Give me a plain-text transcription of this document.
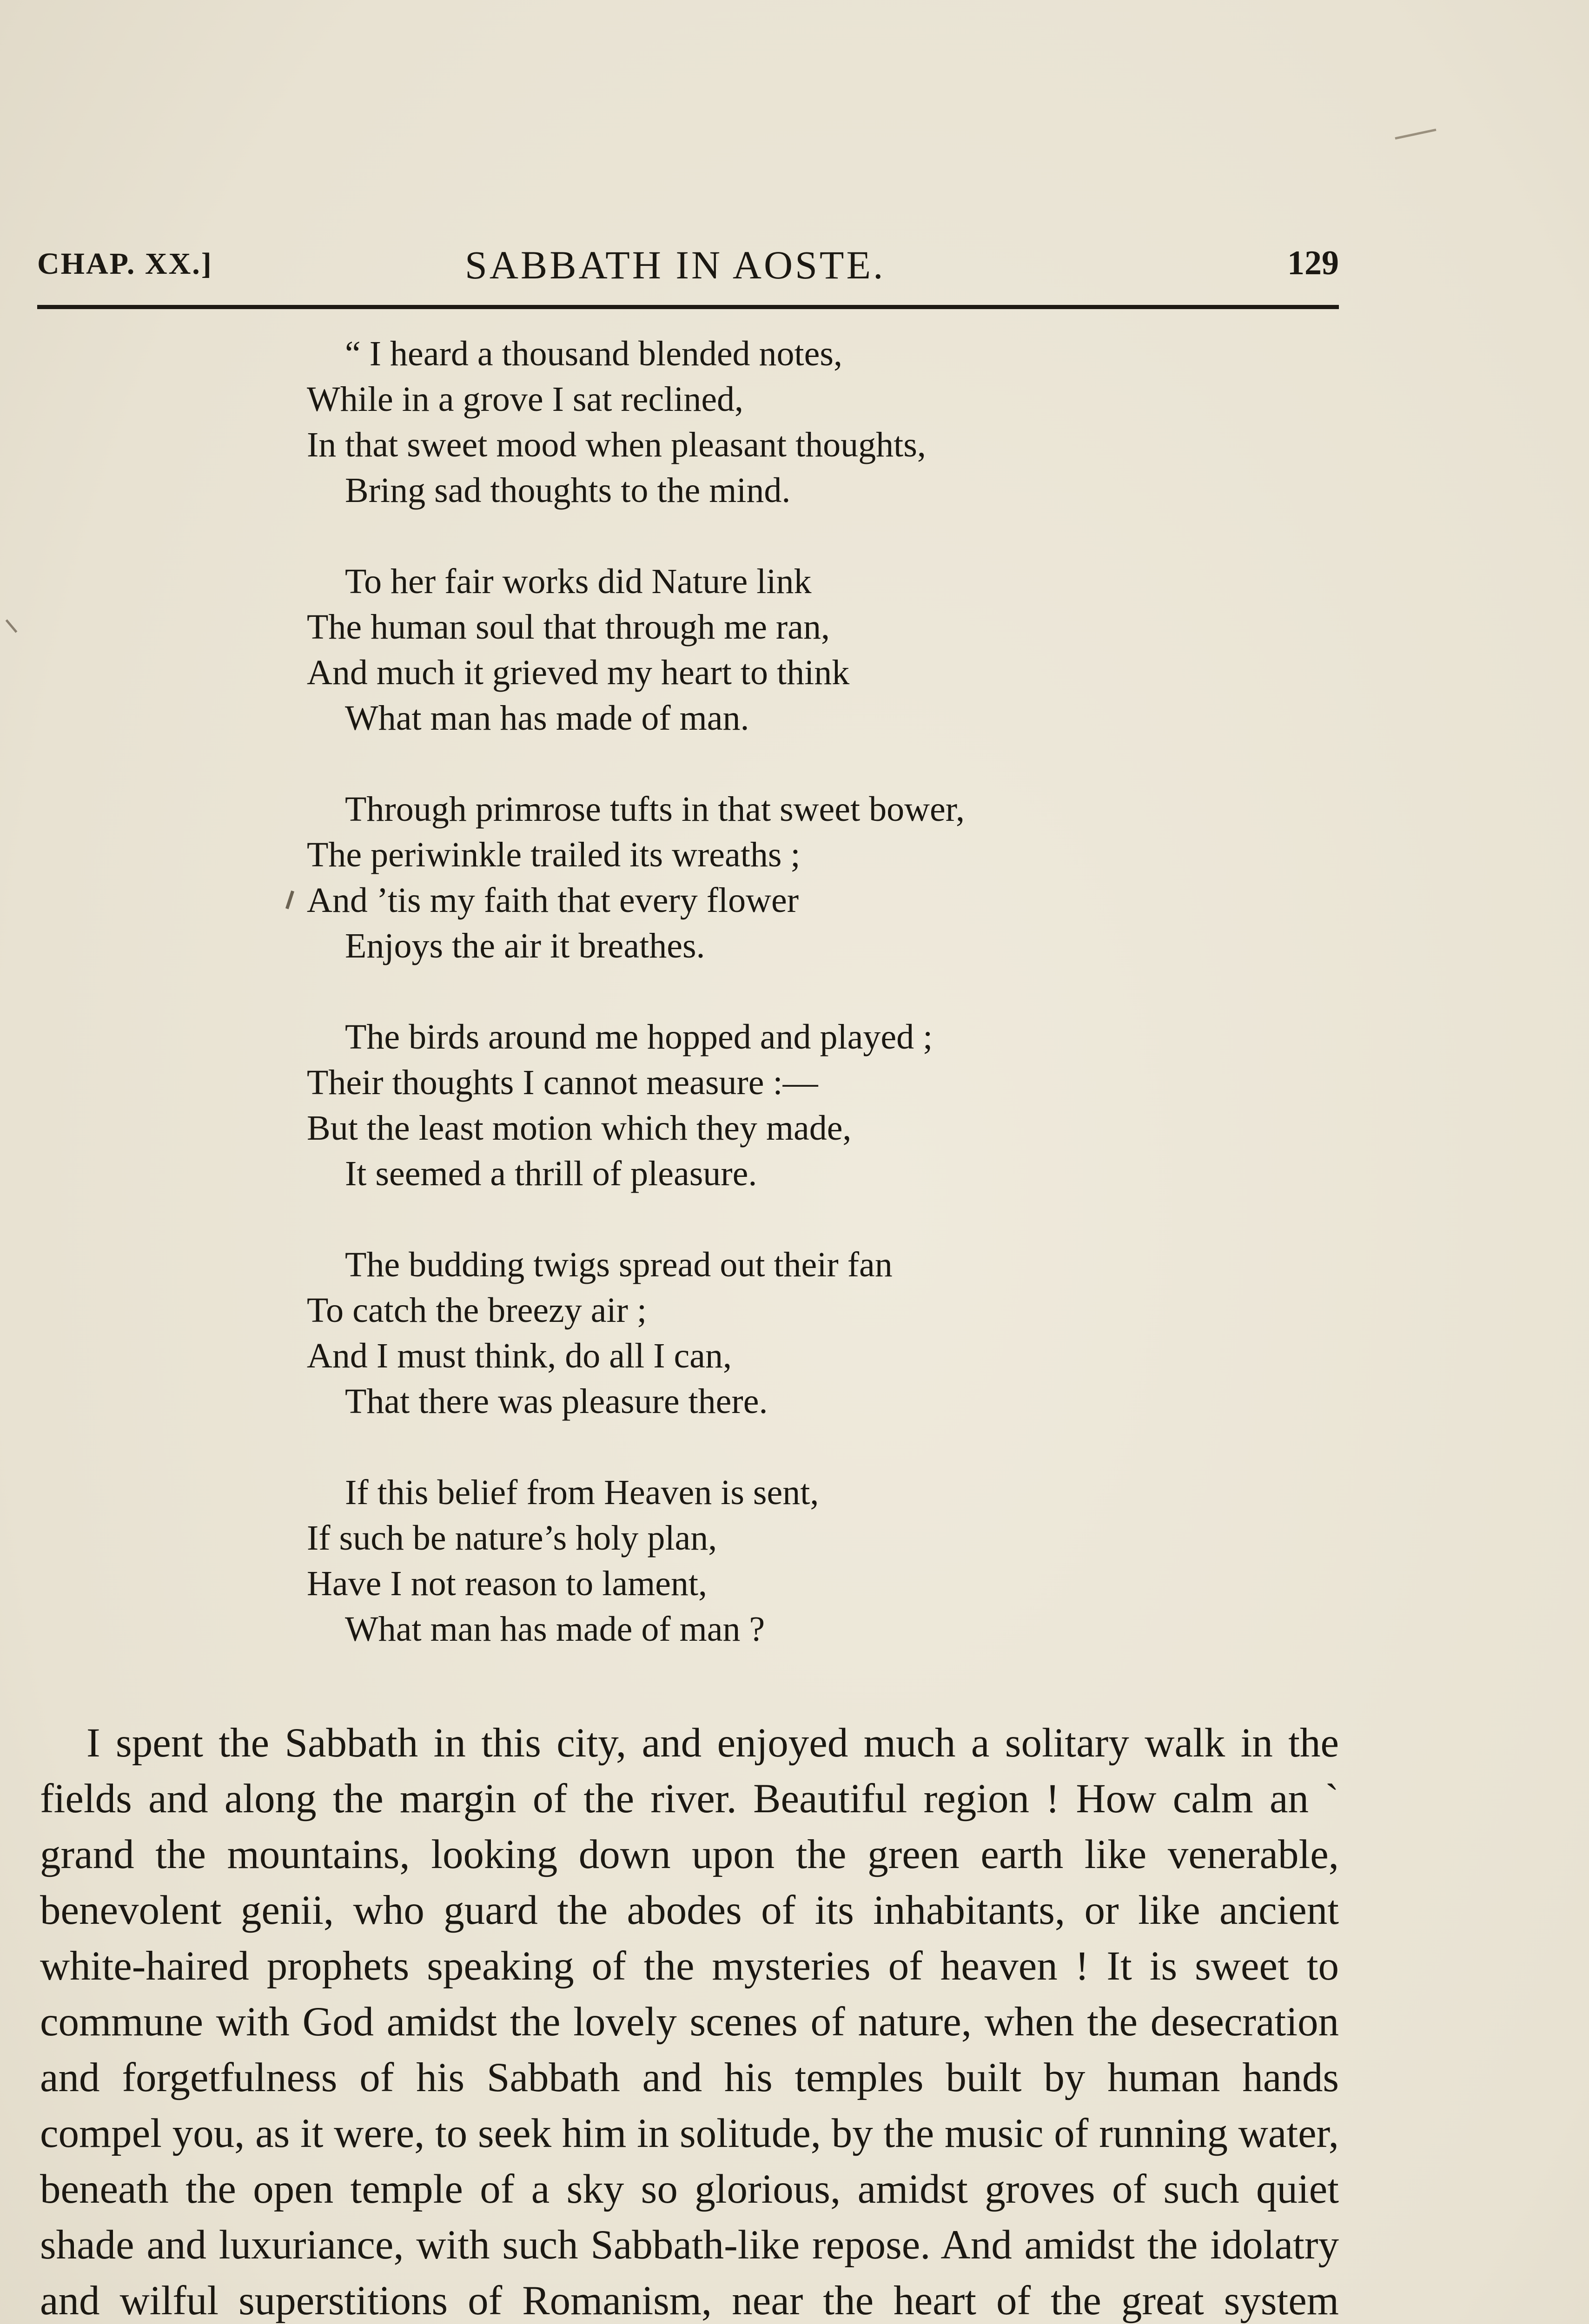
CHAP. XX.]	SABBATH IN AOSTE.	129
“ I heard a thousand blended notes,
While in a grove I sat reclined,
In that sweet mood when pleasant thoughts,
Bring sad thoughts to the mind.
To her fair works did Nature link
The human soul that through me ran,
And much it grieved my heart to think
What man has made of man.
Through primrose tufts in that sweet bower,
The periwinkle trailed its wreaths ;
And ’tis my faith that every flower
Enjoys the air it breathes.
The birds around me hopped and played ;
Their thoughts I cannot measure :—
But the least motion which they made,
It seemed a thrill of pleasure.
The budding twigs spread out their fan
To catch the breezy air ;
And I must think, do all I can,
That there was pleasure there.
If this belief from Heaven is sent,
If such be nature’s holy plan,
Have I not reason to lament,
What man has made of man ?

I spent the Sabbath in this city, and enjoyed much a solitary walk in the fields and along the margin of the river. Beautiful region ! How calm an ` grand the mountains, looking down upon the green earth like venerable, benevolent genii, who guard the abodes of its inhabitants, or like ancient white-haired prophets speaking of the mysteries of heaven ! It is sweet to commune with God amidst the lovely scenes of nature, when the desecration and forgetfulness of his Sabbath and his temples built by human hands compel you, as it were, to seek him in solitude, by the music of running water, beneath the open temple of a sky so glorious, amidst groves of such quiet shade and luxuriance, with such Sabbath-like repose. And amidst the idolatry and wilful superstitions of Romanism, near the heart of the great system
